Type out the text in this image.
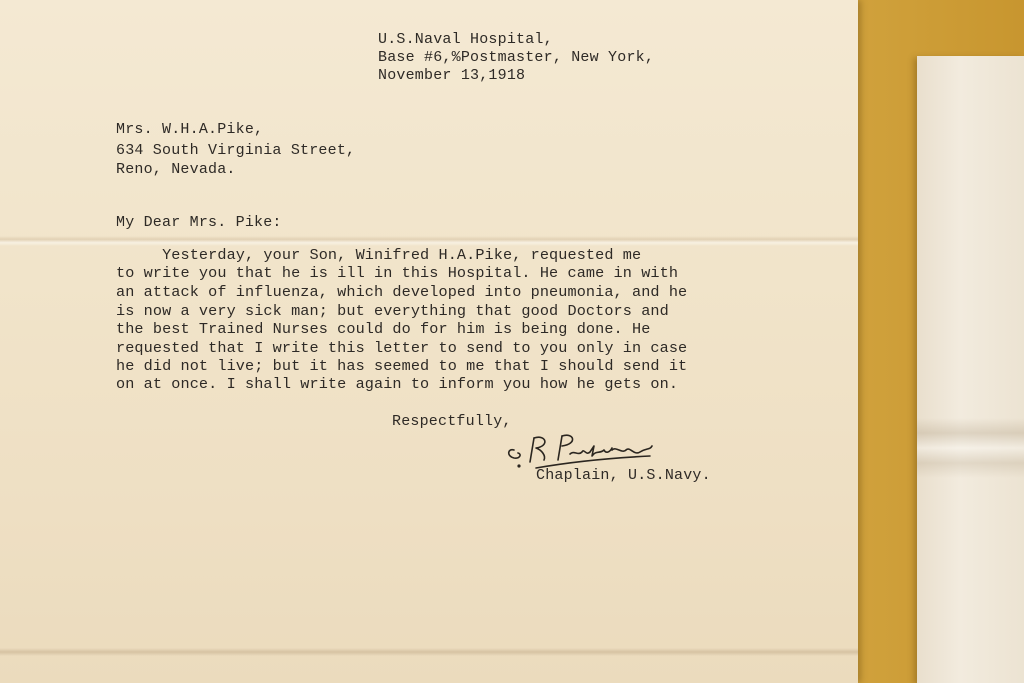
U.S.Naval Hospital,

Base #6,%Postmaster, New York,

November 13,1918

Mrs. W.H.A.Pike,

634 South Virginia Street,

Reno, Nevada.

My Dear Mrs. Pike:

Yesterday, your Son, Winifred H.A.Pike, requested me

to write you that he is ill in this Hospital. He came in with

an attack of influenza, which developed into pneumonia, and he

is now a very sick man; but everything that good Doctors and

the best Trained Nurses could do for him is being done. He

requested that I write this letter to send to you only in case

he did not live; but it has seemed to me that I should send it

on at once. I shall write again to inform you how he gets on.

Respectfully,

Chaplain, U.S.Navy.
